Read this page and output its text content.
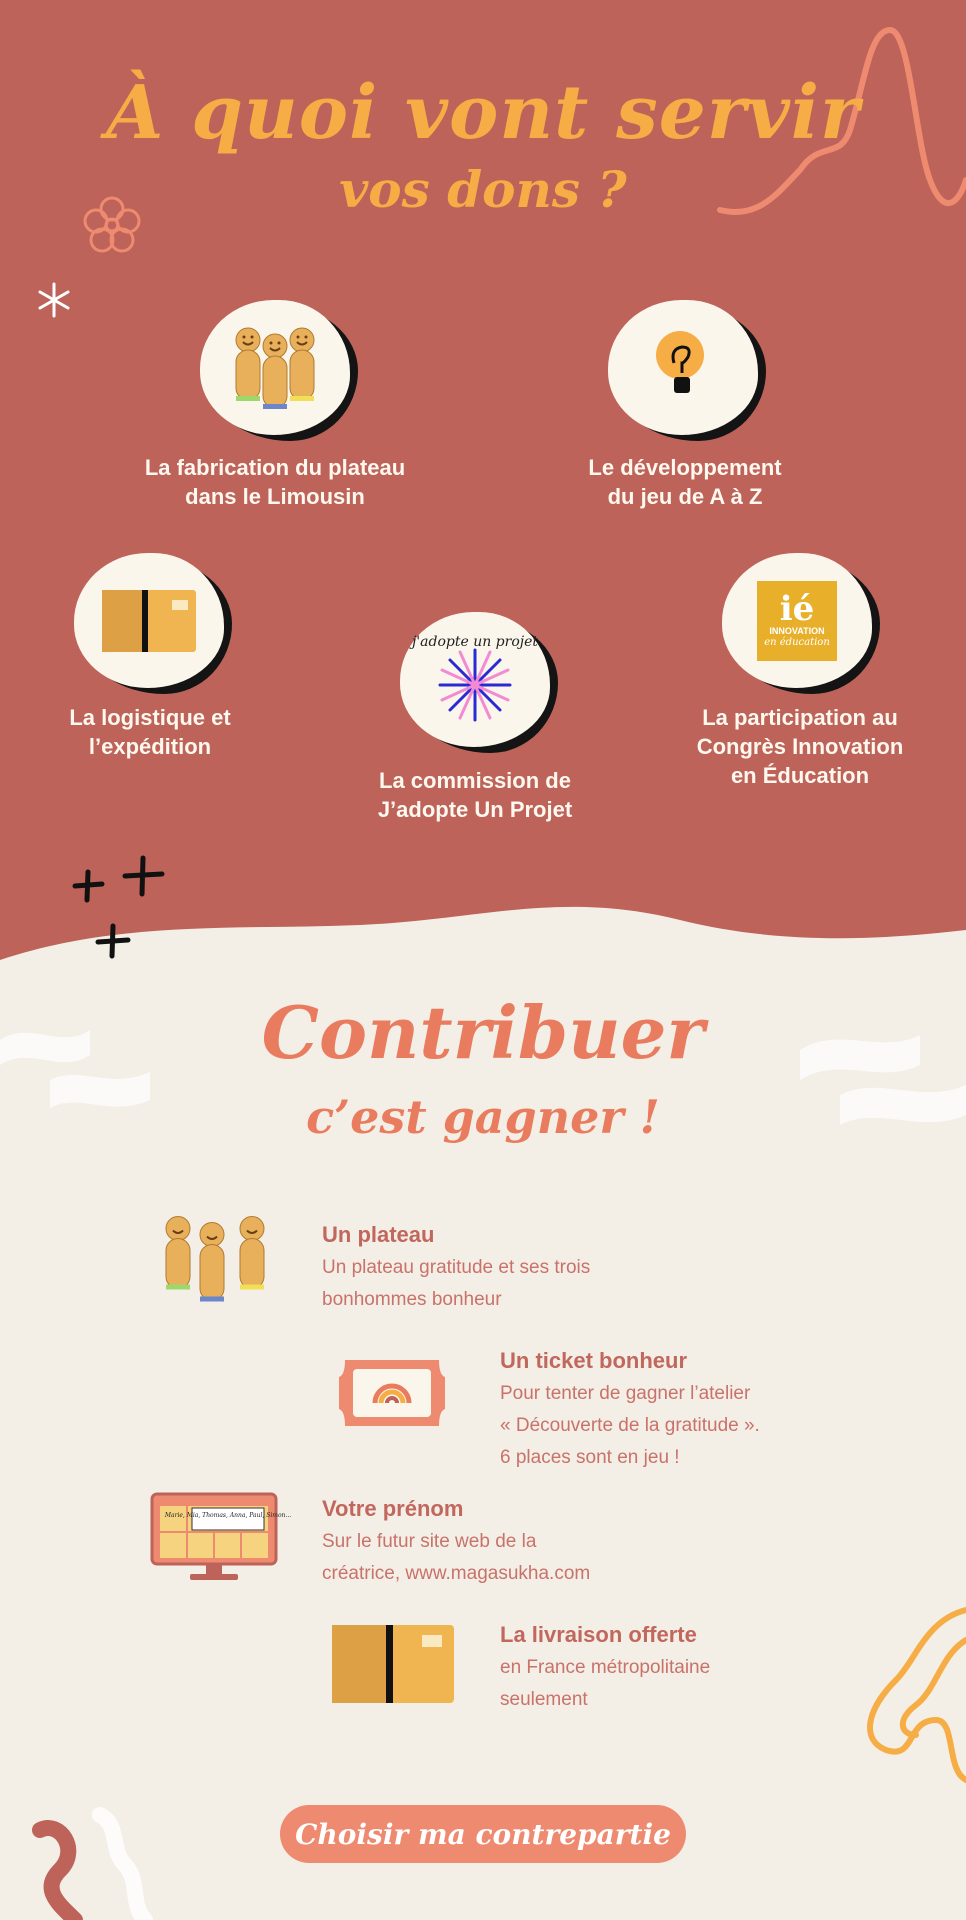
À quoi vont servir
vos dons ?
La fabrication du plateau
dans le Limousin
Le développement
du jeu de A à Z
La logistique et
l’expédition
j'adopte un projet
La commission de
J’adopte Un Projet
ié
INNOVATION
en éducation
La participation au
Congrès Innovation
en Éducation
Contribuer
c’est gagner !
Un plateau
Un plateau gratitude et ses trois
bonhommes bonheur
Un ticket bonheur
Pour tenter de gagner l’atelier
« Découverte de la gratitude ».
6 places sont en jeu !
Marie, Mia, Thomas, Anna, Paul, Simon... Votre prénom
Sur le futur site web de la
créatrice, www.magasukha.com
La livraison offerte
en France métropolitaine
seulement
Choisir ma contrepartie
